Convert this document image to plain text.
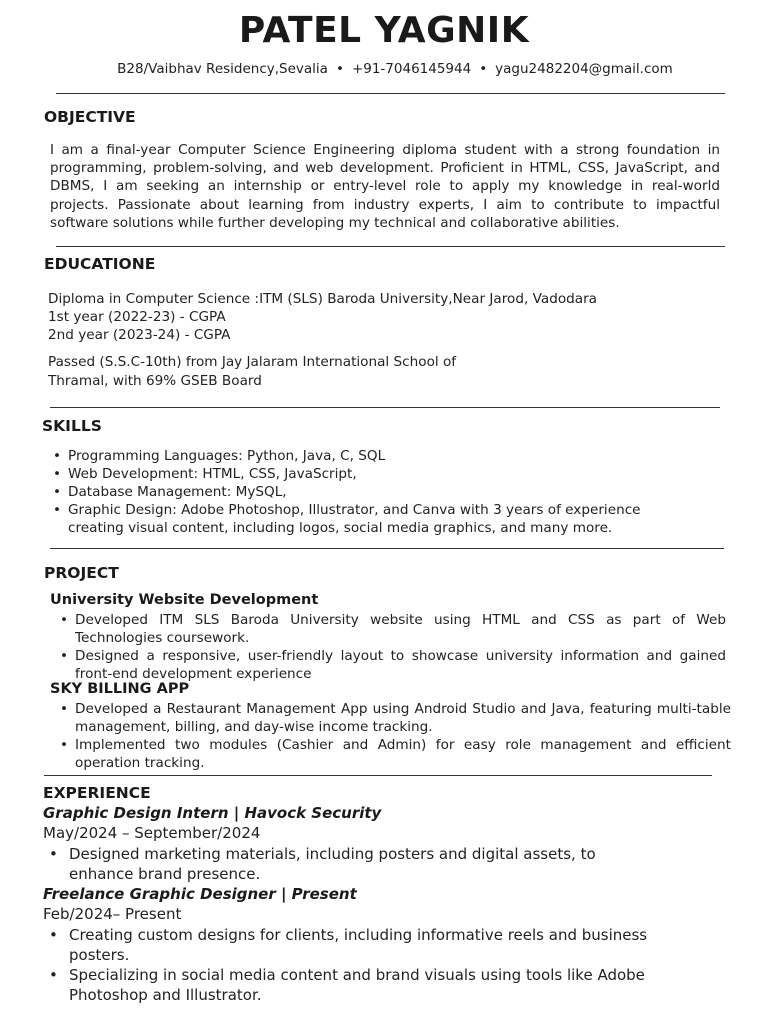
PATEL YAGNIK
B28/Vaibhav Residency,Sevalia • +91-7046145944 • yagu2482204@gmail.com
OBJECTIVE
I am a final-year Computer Science Engineering diploma student with a strong foundation in programming, problem-solving, and web development. Proficient in HTML, CSS, JavaScript, and DBMS, I am seeking an internship or entry-level role to apply my knowledge in real-world projects. Passionate about learning from industry experts, I aim to contribute to impactful software solutions while further developing my technical and collaborative abilities.
EDUCATIONE
Diploma in Computer Science :ITM (SLS) Baroda University,Near Jarod, Vadodara
1st year (2022-23) - CGPA
2nd year (2023-24) - CGPA
Passed (S.S.C-10th) from Jay Jalaram International School of
Thramal, with 69% GSEB Board
SKILLS
• Programming Languages: Python, Java, C, SQL
• Web Development: HTML, CSS, JavaScript,
• Database Management: MySQL,
• Graphic Design: Adobe Photoshop, Illustrator, and Canva with 3 years of experience creating visual content, including logos, social media graphics, and many more.
PROJECT
University Website Development
• Developed ITM SLS Baroda University website using HTML and CSS as part of Web Technologies coursework.
• Designed a responsive, user-friendly layout to showcase university information and gained front-end development experience
SKY BILLING APP
• Developed a Restaurant Management App using Android Studio and Java, featuring multi-table management, billing, and day-wise income tracking.
• Implemented two modules (Cashier and Admin) for easy role management and efficient operation tracking.
EXPERIENCE
Graphic Design Intern | Havock Security
May/2024 – September/2024
• Designed marketing materials, including posters and digital assets, to enhance brand presence.
Freelance Graphic Designer | Present
Feb/2024– Present
• Creating custom designs for clients, including informative reels and business posters.
• Specializing in social media content and brand visuals using tools like Adobe Photoshop and Illustrator.
